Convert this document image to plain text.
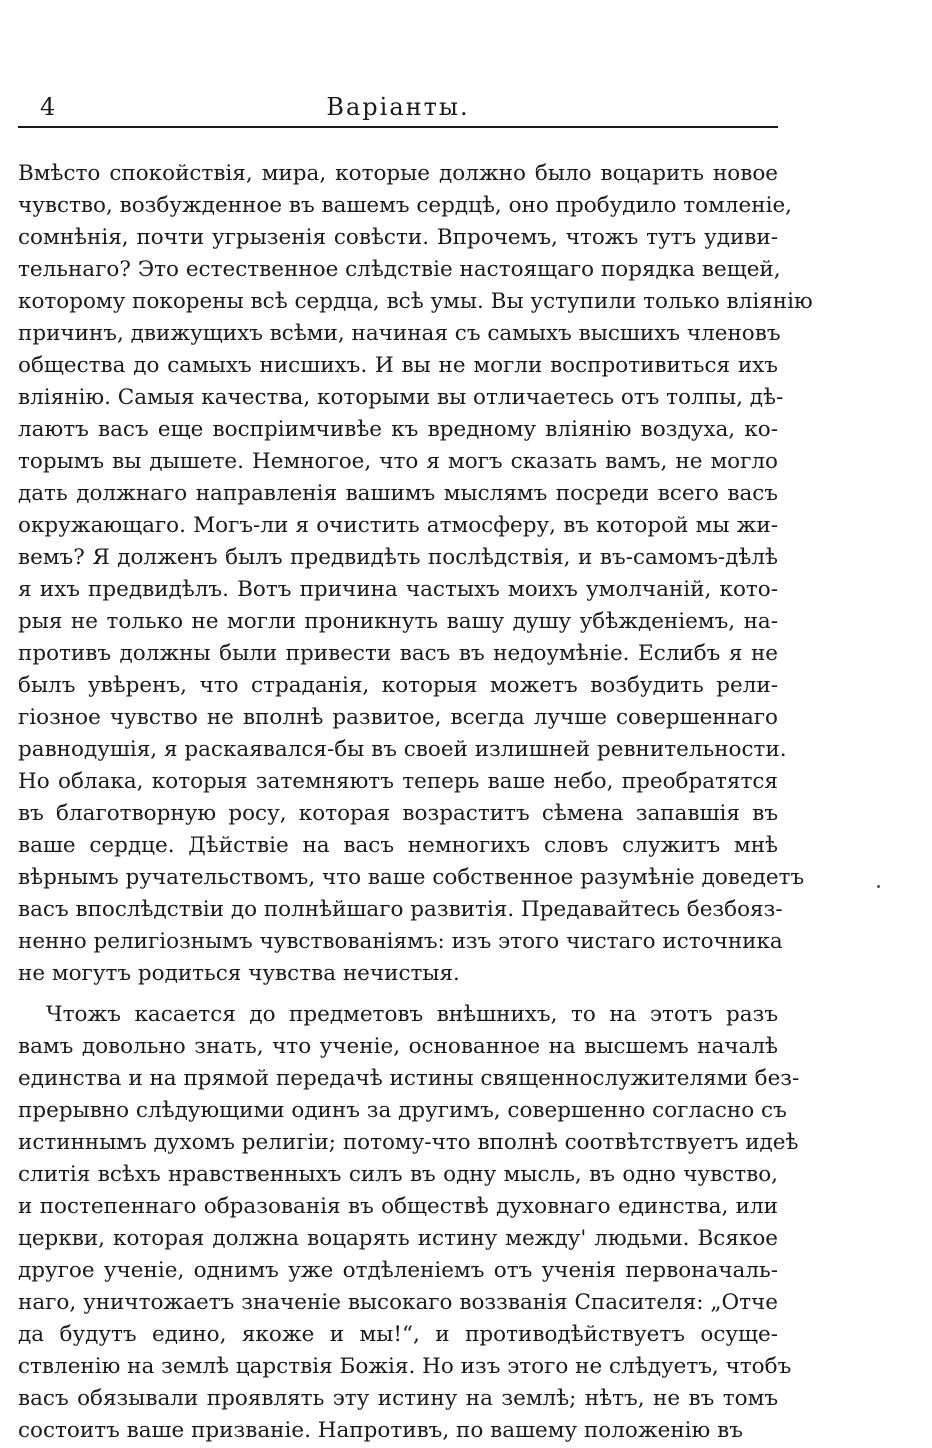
4	Варіанты.
Вмѣсто спокойствія, мира, которые должно было воцарить новое
чувство, возбужденное въ вашемъ сердцѣ, оно пробудило томленіе,
сомнѣнія, почти угрызенія совѣсти. Впрочемъ, чтожъ тутъ удиви-
тельнаго? Это естественное слѣдствіе настоящаго порядка вещей,
которому покорены всѣ сердца, всѣ умы. Вы уступили только вліянію
причинъ, движущихъ всѣми, начиная съ самыхъ высшихъ членовъ
общества до самыхъ нисшихъ. И вы не могли воспротивиться ихъ
вліянію. Самыя качества, которыми вы отличаетесь отъ толпы, дѣ-
лаютъ васъ еще воспріимчивѣе къ вредному вліянію воздуха, ко-
торымъ вы дышете. Немногое, что я могъ сказать вамъ, не могло
дать должнаго направленія вашимъ мыслямъ посреди всего васъ
окружающаго. Могъ-ли я очистить атмосферу, въ которой мы жи-
вемъ? Я долженъ былъ предвидѣть послѣдствія, и въ-самомъ-дѣлѣ
я ихъ предвидѣлъ. Вотъ причина частыхъ моихъ умолчаній, кото-
рыя не только не могли проникнуть вашу душу убѣжденіемъ, на-
противъ должны были привести васъ въ недоумѣніе. Еслибъ я не
былъ увѣренъ, что страданія, которыя можетъ возбудить рели-
гіозное чувство не вполнѣ развитое, всегда лучше совершеннаго
равнодушія, я раскаявался-бы въ своей излишней ревнительности.
Но облака, которыя затемняютъ теперь ваше небо, преобратятся
въ благотворную росу, которая возраститъ сѣмена запавшія въ
ваше сердце. Дѣйствіе на васъ немногихъ словъ служитъ мнѣ
вѣрнымъ ручательствомъ, что ваше собственное разумѣніе доведетъ
васъ впослѣдствіи до полнѣйшаго развитія. Предавайтесь безбояз-
ненно религіознымъ чувствованіямъ: изъ этого чистаго источника
не могутъ родиться чувства нечистыя.
Чтожъ касается до предметовъ внѣшнихъ, то на этотъ разъ
вамъ довольно знать, что ученіе, основанное на высшемъ началѣ
единства и на прямой передачѣ истины священнослужителями без-
прерывно слѣдующими одинъ за другимъ, совершенно согласно съ
истиннымъ духомъ религіи; потому-что вполнѣ соотвѣтствуетъ идеѣ
слитія всѣхъ нравственныхъ силъ въ одну мысль, въ одно чувство,
и постепеннаго образованія въ обществѣ духовнаго единства, или
церкви, которая должна воцарять истину между' людьми. Всякое
другое ученіе, однимъ уже отдѣленіемъ отъ ученія первоначаль-
наго, уничтожаетъ значеніе высокаго воззванія Спасителя: „Отче
да будутъ едино, якоже и мы!“, и противодѣйствуетъ осуще-
ствленію на землѣ царствія Божія. Но изъ этого не слѣдуетъ, чтобъ
васъ обязывали проявлять эту истину на землѣ; нѣтъ, не въ томъ
состоитъ ваше призваніе. Напротивъ, по вашему положенію въ
